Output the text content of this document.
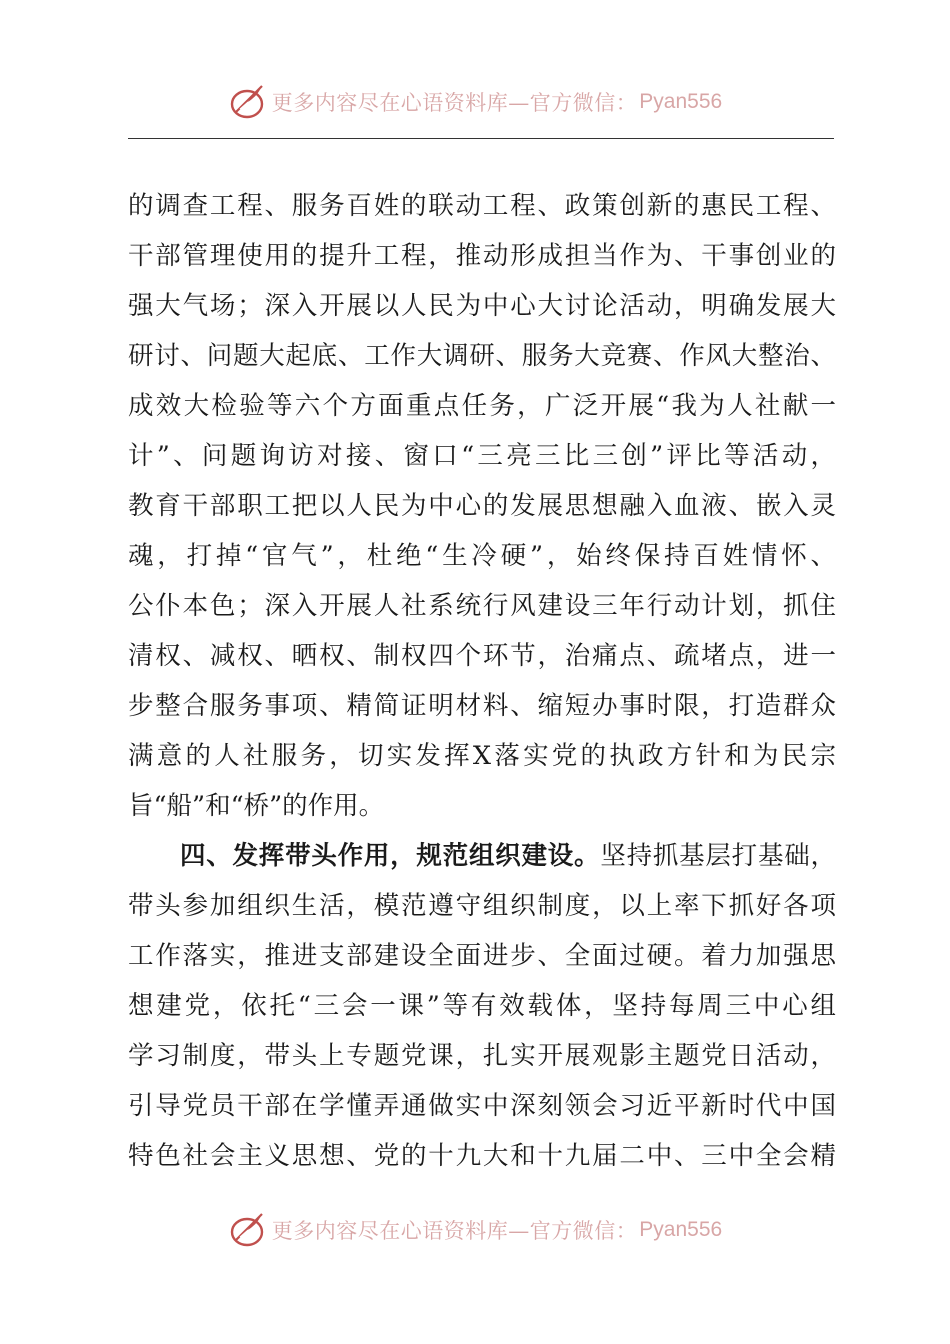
更多内容尽在心语资料库—官方微信： Pyan556
的调查工程、服务百姓的联动工程、政策创新的惠民工程、
干部管理使用的提升工程，推动形成担当作为、干事创业的
强大气场；深入开展以人民为中心大讨论活动，明确发展大
研讨、问题大起底、工作大调研、服务大竞赛、作风大整治、
成效大检验等六个方面重点任务，广泛开展“我为人社献一
计”、问题询访对接、窗口“三亮三比三创”评比等活动，
教育干部职工把以人民为中心的发展思想融入血液、嵌入灵
魂，打掉“官气”，杜绝“生冷硬”，始终保持百姓情怀、
公仆本色；深入开展人社系统行风建设三年行动计划，抓住
清权、减权、晒权、制权四个环节，治痛点、疏堵点，进一
步整合服务事项、精简证明材料、缩短办事时限，打造群众
满意的人社服务，切实发挥X落实党的执政方针和为民宗
旨“船”和“桥”的作用。
四、发挥带头作用，规范组织建设。坚持抓基层打基础，
带头参加组织生活，模范遵守组织制度，以上率下抓好各项
工作落实，推进支部建设全面进步、全面过硬。着力加强思
想建党，依托“三会一课”等有效载体，坚持每周三中心组
学习制度，带头上专题党课，扎实开展观影主题党日活动，
引导党员干部在学懂弄通做实中深刻领会习近平新时代中国
特色社会主义思想、党的十九大和十九届二中、三中全会精
更多内容尽在心语资料库—官方微信： Pyan556
